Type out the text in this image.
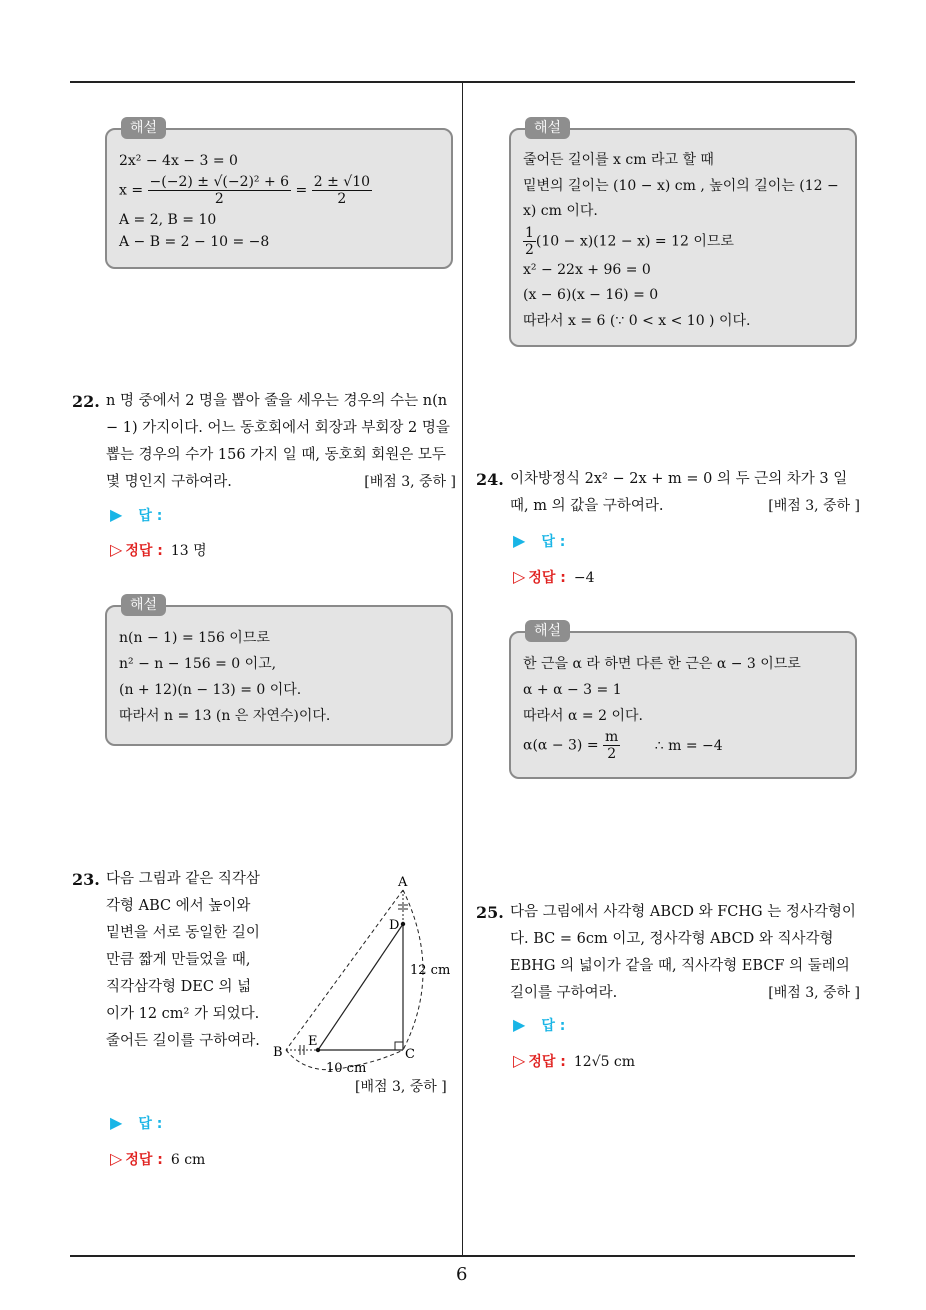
해설
2x² − 4x − 3 = 0
$x = \frac{\text{−(−2) ± √(−2)² + 6}}{2} = \frac{2 \pm √10}{2}$
A = 2, B = 10
A − B = 2 − 10 = −8
22. n 명 중에서 2 명을 뽑아 줄을 세우는 경우의 수는 n(n − 1) 가지이다. 어느 동호회에서 회장과 부회장 2 명을 뽑는 경우의 수가 156 가지 일 때, 동호회 회원은 모두 몇 명인지 구하여라.	[배점 3, 중하 ]
▶ 답 :
▷ 정답 : 13 명
해설
n(n − 1) = 156 이므로
n² − n − 156 = 0 이고,
(n + 12)(n − 13) = 0 이다.
따라서 n = 13 (n 은 자연수)이다.
23. 다음 그림과 같은 직각삼각형 ABC 에서 높이와 밑변을 서로 동일한 길이만큼 짧게 만들었을 때, 직각삼각형 DEC 의 넓이가 12 cm² 가 되었다. 줄어든 길이를 구하여라.
A
D
B
E
C
12 cm
10 cm
[배점 3, 중하 ]
▶ 답 :
▷ 정답 : 6 cm
해설
줄어든 길이를 x cm 라고 할 때
밑변의 길이는 (10 − x) cm , 높이의 길이는 (12 −
x) cm 이다.
$\frac{1}{2} (10 - x)(12 - x) = 12$ 이므로
x² − 22x + 96 = 0
(x − 6)(x − 16) = 0
따라서 x = 6 (∵ 0 < x < 10 ) 이다.
24. 이차방정식 2x² − 2x + m = 0 의 두 근의 차가 3 일 때, m 의 값을 구하여라.	[배점 3, 중하 ]
▶ 답 :
▷ 정답 : −4
해설
한 근을 α 라 하면 다른 한 근은 α − 3 이므로
α + α − 3 = 1
따라서 α = 2 이다.
$\alpha(\alpha - 3) = \frac{m}{2}$ ∴ m = −4
25. 다음 그림에서 사각형 ABCD 와 FCHG 는 정사각형이다. BC = 6cm 이고, 정사각형 ABCD 와 직사각형 EBHG 의 넓이가 같을 때, 직사각형 EBCF 의 둘레의 길이를 구하여라.	[배점 3, 중하 ]
▶ 답 :
▷ 정답 : 12√5 cm
6
